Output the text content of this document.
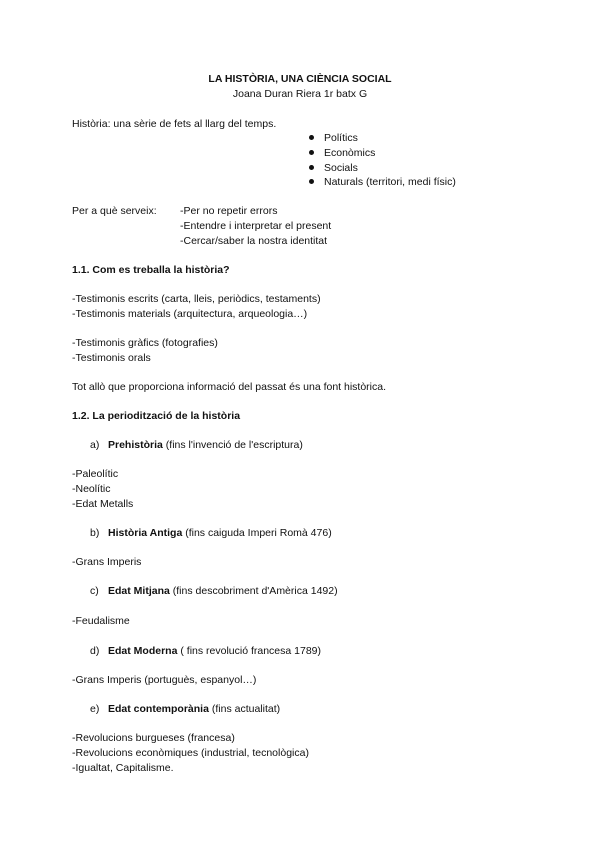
LA HISTÒRIA, UNA CIÈNCIA SOCIAL
Joana Duran Riera 1r batx G
Història: una sèrie de fets al llarg del temps.
Polítics
Econòmics
Socials
Naturals (territori, medi físic)
Per a què serveix: -Per no repetir errors
-Entendre i interpretar el present
-Cercar/saber la nostra identitat
1.1. Com es treballa la història?
-Testimonis escrits (carta, lleis, periòdics, testaments)
-Testimonis materials (arquitectura, arqueologia…)
-Testimonis gràfics (fotografies)
-Testimonis orals
Tot allò que proporciona informació del passat és una font històrica.
1.2. La periodització de la història
a) Prehistòria (fins l'invenció de l'escriptura)
-Paleolític
-Neolític
-Edat Metalls
b) Història Antiga (fins caiguda Imperi Romà 476)
-Grans Imperis
c) Edat Mitjana (fins descobriment d'Amèrica 1492)
-Feudalisme
d) Edat Moderna ( fins revolució francesa 1789)
-Grans Imperis (portuguès, espanyol…)
e) Edat contemporània (fins actualitat)
-Revolucions burgueses (francesa)
-Revolucions econòmiques (industrial, tecnològica)
-Igualtat, Capitalisme.
